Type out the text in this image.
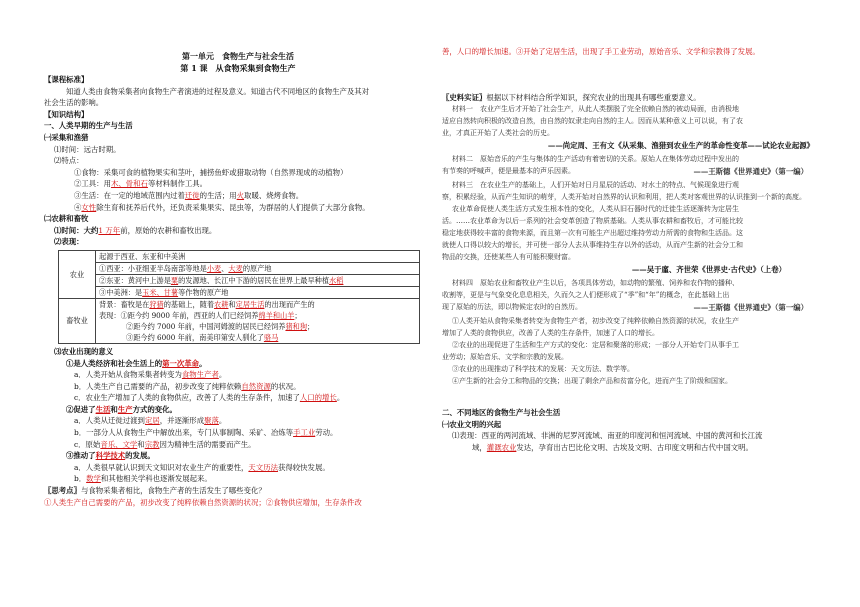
第一单元　食物生产与社会生活
第 1 课　从食物采集到食物生产
【课程标准】
知道人类由食物采集者向食物生产者演进的过程及意义。知道古代不同地区的食物生产及其对
社会生活的影响。
【知识结构】
一、人类早期的生产与生活
㈠采集和渔猎
⑴时间：远古时期。
⑵特点：
①食物：采集可食的植物果实和茎叶，捕捞鱼虾或猎取动物（自然界现成的动植物）
②工具：用木、骨和石等材料制作工具。
③生活：在一定的地域范围内过着迁徙的生活；用火取暖、烧烤食物。
④女性除生育和抚养后代外，还负责采集果实、昆虫等，为群居的人们提供了大部分食物。
㈡农耕和畜牧
⑴时间：大约1 万年前，原始的农耕和畜牧出现。
⑵表现：
农业	起源于西亚、东亚和中美洲
	①西亚：小亚细亚半岛南部等地是小麦、大麦的原产地
	②东亚：黄河中上游是粟的发源地、长江中下游的居民在世界上最早种植水稻
	③中美洲：是玉米、甘薯等作物的原产地
畜牧业	背景：畜牧是在狩猎的基础上，随着农耕和定居生活的出现而产生的
表现：①距今约 9000 年前，西亚的人们已经饲养绵羊和山羊；
②距今约 7000 年前，中国河姆渡的居民已经饲养猪和狗；
③距今约 6000 年前，南美印第安人驯化了骆马
⑶农业出现的意义
①是人类经济和社会生活上的第一次革命。
a．人类开始从食物采集者转变为食物生产者。
b．人类生产自己需要的产品，初步改变了纯粹依赖自然资源的状况。
c．农业生产增加了人类的食物供应，改善了人类的生存条件，加速了人口的增长。
②促进了生活和生产方式的变化。
a．人类从迁徙过渡到定居，并逐渐形成聚落。
b．一部分人从食物生产中解放出来，专门从事制陶、采矿、冶炼等手工业劳动。
c．原始音乐、文学和宗教因为精神生活的需要而产生。
③推动了科学技术的发展。
a．人类很早就认识到天文知识对农业生产的重要性，天文历法获得较快发展。
b．数学和其他相关学科也逐渐发展起来。
〖思考点〗与食物采集者相比，食物生产者的生活发生了哪些变化？
①人类生产自己需要的产品，初步改变了纯粹依赖自然资源的状况；②食物供应增加，生存条件改
善，人口的增长加速。③开始了定居生活，出现了手工业劳动，原始音乐、文学和宗教得了发展。
〖史料实证〗根据以下材料结合所学知识，探究农业的出现具有哪些重要意义。
材料一　农业产生后才开始了社会生产，从此人类摆脱了完全依赖自然的被动局面，由消极地
适应自然转向积极的改造自然，由自然的奴隶走向自然的主人。因而从某种意义上可以说，有了农
业，才真正开始了人类社会的历史。
——尚定周、王有文《从采集、渔猎到农业生产的革命性变革——试论农业起源》
材料二　原始音乐的产生与集体的生产活动有着密切的关系。原始人在集体劳动过程中发出的
有节奏的呼喊声，便是最基本的声乐因素。	——王斯德《世界通史》（第一编）
材料三　在农业生产的基础上，人们开始对日月星辰的活动、对水土的特点、气候现象进行观
察，积累经验，从而产生知识的萌芽，人类开始对自然界的认识和利用，把人类对客观世界的认识推到一个新的高度。
农业革命促使人类生活方式发生根本性的变化，人类从旧石器时代的迁徙生活逐渐转为定居生
活。……农业革命为以后一系列的社会变革创造了物质基础。人类从事农耕和畜牧后，才可能比较
稳定地获得较丰富的食物来源，而且第一次有可能生产出超过维持劳动力所需的食物和生活品。这
就使人口得以较大的增长，并可使一部分人去从事维持生存以外的活动，从而产生新的社会分工和
物品的交换，还使某些人有可能积聚财富。
——吴于廑、齐世荣《世界史·古代史》（上卷）
材料四　原始农业和畜牧业产生以后，各项具体劳动，如动物的繁殖、饲养和农作物的播种、
收割等，更是与气象变化息息相关，久而久之人们便形成了“季”和“年”的概念，在此基础上出
现了原始的历法，即以物候定农时的自然历。	——王斯德《世界通史》（第一编）
①人类开始从食物采集者转变为食物生产者，初步改变了纯粹依赖自然资源的状况，农业生产
增加了人类的食物供应，改善了人类的生存条件，加速了人口的增长。
②农业的出现促进了生活和生产方式的变化：定居和聚落的形成；一部分人开始专门从事手工
业劳动；原始音乐、文学和宗教的发展。
③农业的出现推动了科学技术的发展：天文历法、数学等。
④产生新的社会分工和物品的交换；出现了剩余产品和贫富分化，进而产生了阶级和国家。
二、不同地区的食物生产与社会生活
㈠农业文明的兴起
⑴表现：西亚的两河流域、非洲的尼罗河流域、南亚的印度河和恒河流域、中国的黄河和长江流
域，灌溉农业发达，孕育出古巴比伦文明、古埃及文明、古印度文明和古代中国文明。
